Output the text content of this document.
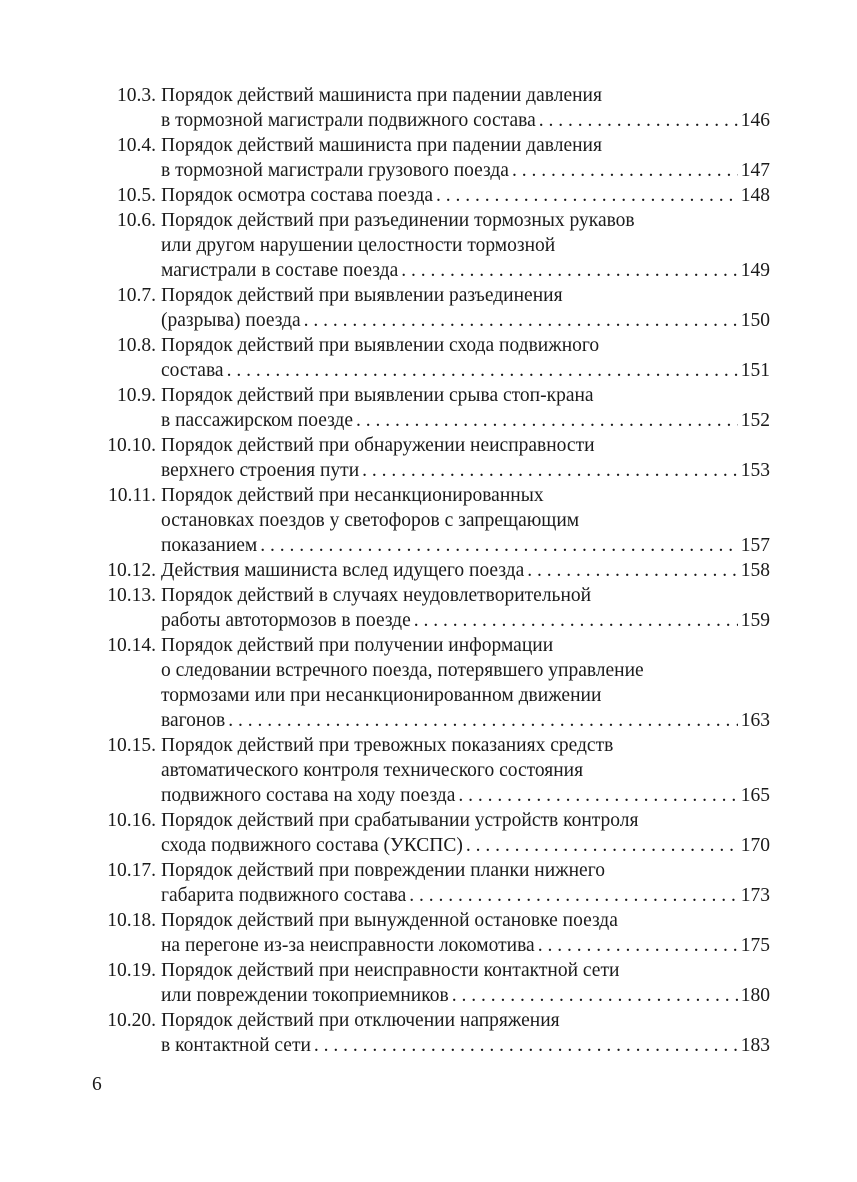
10.3. Порядок действий машиниста при падении давления
в тормозной магистрали подвижного состава . . .	146
10.4. Порядок действий машиниста при падении давления
в тормозной магистрали грузового поезда . . .	147
10.5. Порядок осмотра состава поезда . . .	148
10.6. Порядок действий при разъединении тормозных рукавов
или другом нарушении целостности тормозной
магистрали в составе поезда . . .	149
10.7. Порядок действий при выявлении разъединения
(разрыва) поезда . . .	150
10.8. Порядок действий при выявлении схода подвижного
состава . . .	151
10.9. Порядок действий при выявлении срыва стоп-крана
в пассажирском поезде . . .	152
10.10. Порядок действий при обнаружении неисправности
верхнего строения пути . . .	153
10.11. Порядок действий при несанкционированных
остановках поездов у светофоров с запрещающим
показанием . . .	157
10.12. Действия машиниста вслед идущего поезда . . .	158
10.13. Порядок действий в случаях неудовлетворительной
работы автотормозов в поезде . . .	159
10.14. Порядок действий при получении информации
о следовании встречного поезда, потерявшего управление
тормозами или при несанкционированном движении
вагонов . . .	163
10.15. Порядок действий при тревожных показаниях средств
автоматического контроля технического состояния
подвижного состава на ходу поезда . . .	165
10.16. Порядок действий при срабатывании устройств контроля
схода подвижного состава (УКСПС) . . .	170
10.17. Порядок действий при повреждении планки нижнего
габарита подвижного состава . . .	173
10.18. Порядок действий при вынужденной остановке поезда
на перегоне из-за неисправности локомотива . . .	175
10.19. Порядок действий при неисправности контактной сети
или повреждении токоприемников . . .	180
10.20. Порядок действий при отключении напряжения
в контактной сети . . .	183
6
